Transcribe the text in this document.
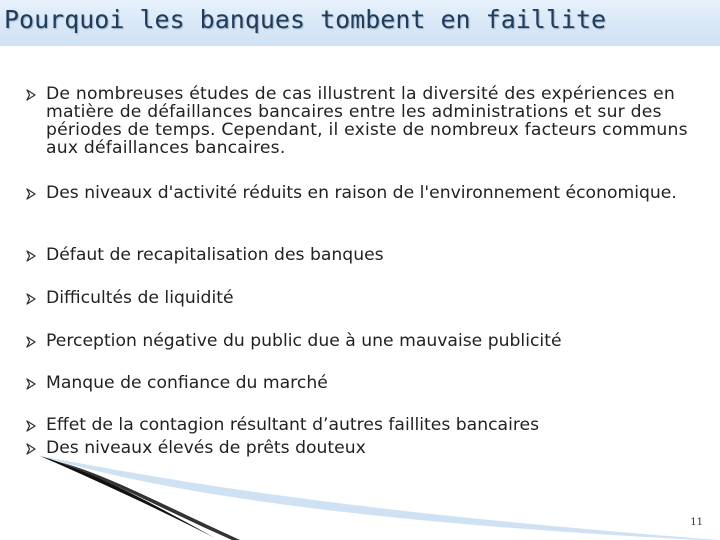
Pourquoi les banques tombent en faillite
De nombreuses études de cas illustrent la diversité des expériences en matière de défaillances bancaires entre les administrations et sur des périodes de temps. Cependant, il existe de nombreux facteurs communs aux défaillances bancaires.
Des niveaux d'activité réduits en raison de l'environnement économique.
Défaut de recapitalisation des banques
Difficultés de liquidité
Perception négative du public due à une mauvaise publicité
Manque de confiance du marché
Effet de la contagion résultant d’autres faillites bancaires
Des niveaux élevés de prêts douteux
11
